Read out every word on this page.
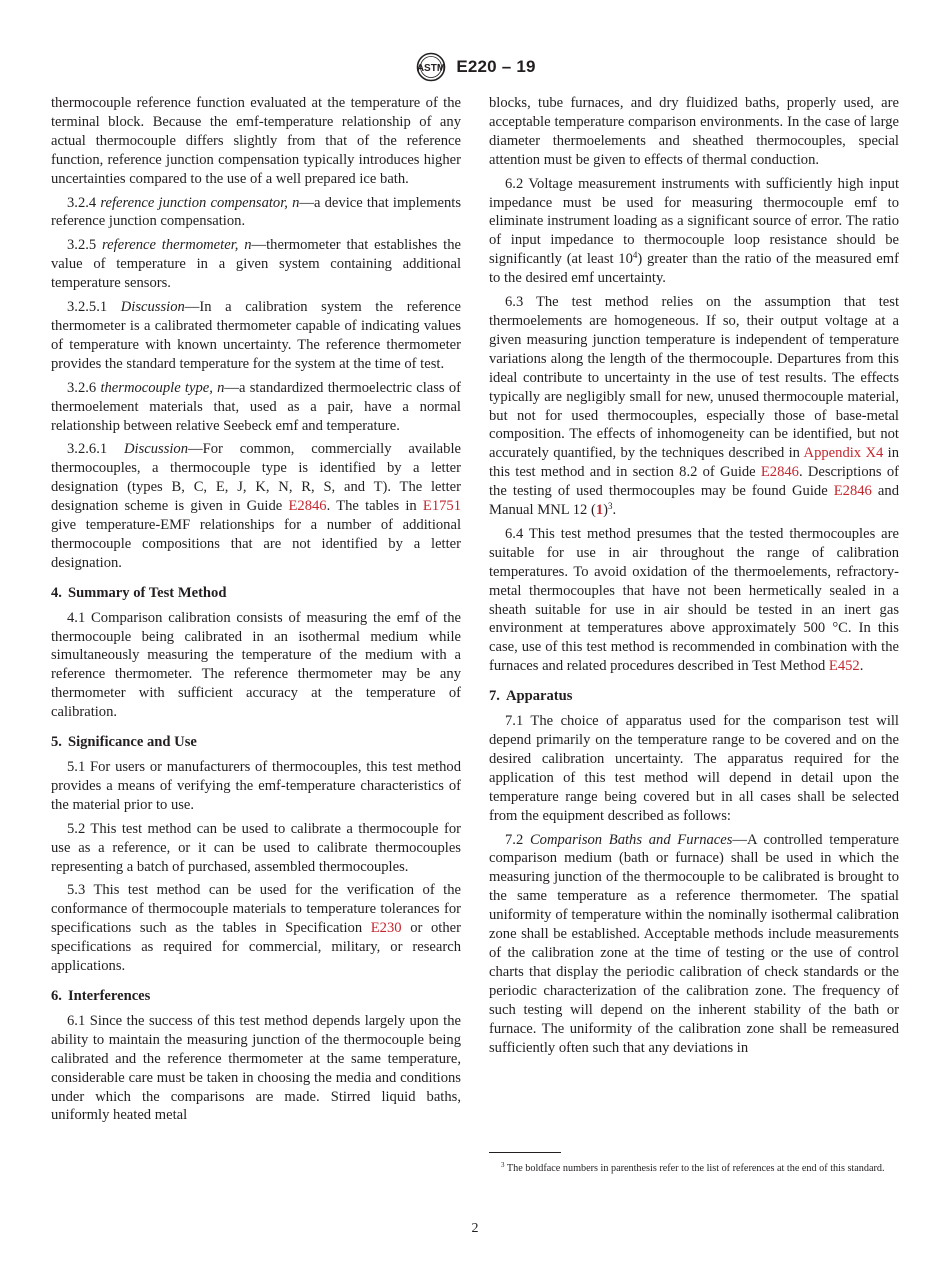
ASTM E220 – 19

thermocouple reference function evaluated at the temperature of the terminal block. Because the emf-temperature relationship of any actual thermocouple differs slightly from that of the reference function, reference junction compensation typically introduces higher uncertainties compared to the use of a well prepared ice bath.

3.2.4 reference junction compensator, n—a device that implements reference junction compensation.

3.2.5 reference thermometer, n—thermometer that establishes the value of temperature in a given system containing additional temperature sensors.

3.2.5.1 Discussion—In a calibration system the reference thermometer is a calibrated thermometer capable of indicating values of temperature with known uncertainty. The reference thermometer provides the standard temperature for the system at the time of test.

3.2.6 thermocouple type, n—a standardized thermoelectric class of thermoelement materials that, used as a pair, have a normal relationship between relative Seebeck emf and temperature.

3.2.6.1 Discussion—For common, commercially available thermocouples, a thermocouple type is identified by a letter designation (types B, C, E, J, K, N, R, S, and T). The letter designation scheme is given in Guide E2846. The tables in E1751 give temperature-EMF relationships for a number of additional thermocouple compositions that are not identified by a letter designation.

4. Summary of Test Method

4.1 Comparison calibration consists of measuring the emf of the thermocouple being calibrated in an isothermal medium while simultaneously measuring the temperature of the medium with a reference thermometer. The reference thermometer may be any thermometer with sufficient accuracy at the temperature of calibration.

5. Significance and Use

5.1 For users or manufacturers of thermocouples, this test method provides a means of verifying the emf-temperature characteristics of the material prior to use.

5.2 This test method can be used to calibrate a thermocouple for use as a reference, or it can be used to calibrate thermocouples representing a batch of purchased, assembled thermocouples.

5.3 This test method can be used for the verification of the conformance of thermocouple materials to temperature tolerances for specifications such as the tables in Specification E230 or other specifications as required for commercial, military, or research applications.

6. Interferences

6.1 Since the success of this test method depends largely upon the ability to maintain the measuring junction of the thermocouple being calibrated and the reference thermometer at the same temperature, considerable care must be taken in choosing the media and conditions under which the comparisons are made. Stirred liquid baths, uniformly heated metal

blocks, tube furnaces, and dry fluidized baths, properly used, are acceptable temperature comparison environments. In the case of large diameter thermoelements and sheathed thermocouples, special attention must be given to effects of thermal conduction.

6.2 Voltage measurement instruments with sufficiently high input impedance must be used for measuring thermocouple emf to eliminate instrument loading as a significant source of error. The ratio of input impedance to thermocouple loop resistance should be significantly (at least $10^4$) greater than the ratio of the measured emf to the desired emf uncertainty.

6.3 The test method relies on the assumption that test thermoelements are homogeneous. If so, their output voltage at a given measuring junction temperature is independent of temperature variations along the length of the thermocouple. Departures from this ideal contribute to uncertainty in the use of test results. The effects typically are negligibly small for new, unused thermocouple material, but not for used thermocouples, especially those of base-metal composition. The effects of inhomogeneity can be identified, but not accurately quantified, by the techniques described in Appendix X4 in this test method and in section 8.2 of Guide E2846. Descriptions of the testing of used thermocouples may be found Guide E2846 and Manual MNL 12 $(1)^3$.

6.4 This test method presumes that the tested thermocouples are suitable for use in air throughout the range of calibration temperatures. To avoid oxidation of the thermoelements, refractory-metal thermocouples that have not been hermetically sealed in a sheath suitable for use in air should be tested in an inert gas environment at temperatures above approximately 500 °C. In this case, use of this test method is recommended in combination with the furnaces and related procedures described in Test Method E452.

7. Apparatus

7.1 The choice of apparatus used for the comparison test will depend primarily on the temperature range to be covered and on the desired calibration uncertainty. The apparatus required for the application of this test method will depend in detail upon the temperature range being covered but in all cases shall be selected from the equipment described as follows:

7.2 Comparison Baths and Furnaces—A controlled temperature comparison medium (bath or furnace) shall be used in which the measuring junction of the thermocouple to be calibrated is brought to the same temperature as a reference thermometer. The spatial uniformity of temperature within the nominally isothermal calibration zone shall be established. Acceptable methods include measurements of the calibration zone at the time of testing or the use of control charts that display the periodic calibration of check standards or the periodic characterization of the calibration zone. The frequency of such testing will depend on the inherent stability of the bath or furnace. The uniformity of the calibration zone shall be remeasured sufficiently often such that any deviations in

$^3$ The boldface numbers in parenthesis refer to the list of references at the end of this standard.
2
